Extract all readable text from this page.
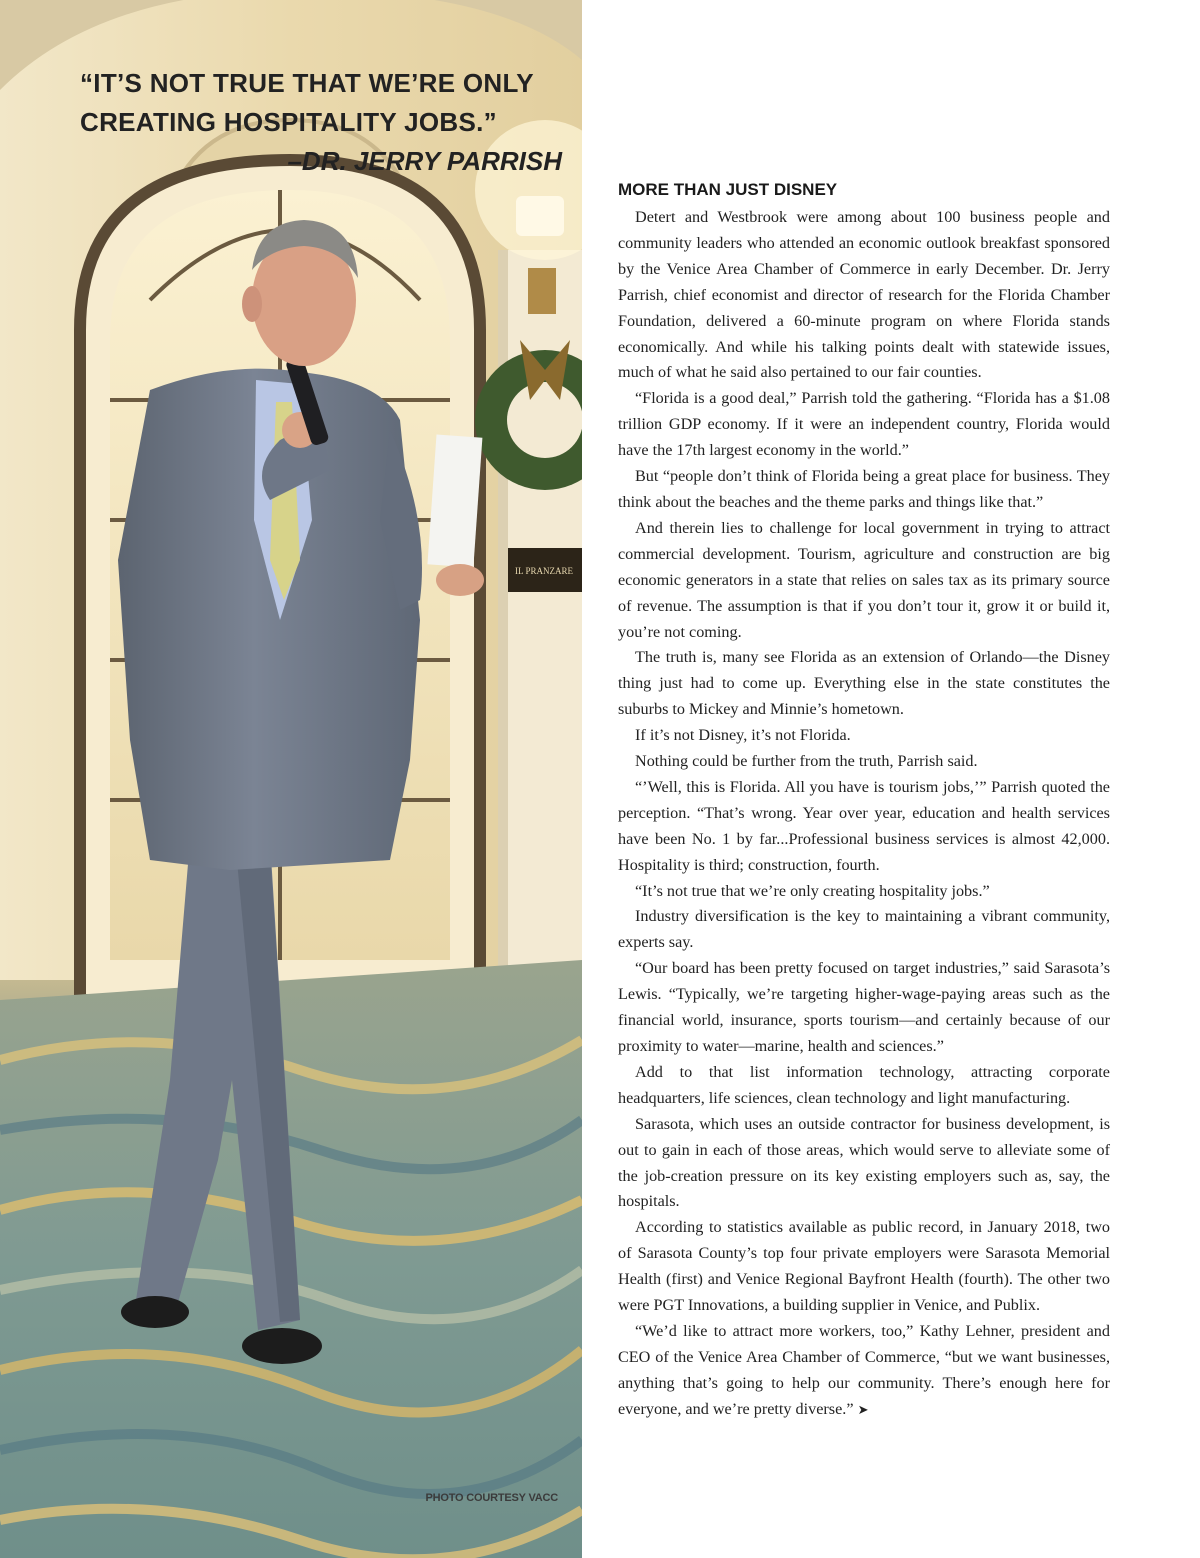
IL PRANZARE

“IT’S NOT TRUE THAT WE’RE ONLY CREATING HOSPITALITY JOBS.”

–DR. JERRY PARRISH
PHOTO COURTESY VACC
MORE THAN JUST DISNEY

Detert and Westbrook were among about 100 business people and community leaders who attended an economic outlook breakfast sponsored by the Venice Area Chamber of Commerce in early December. Dr. Jerry Parrish, chief economist and director of research for the Florida Chamber Foundation, delivered a 60-minute program on where Florida stands economically. And while his talking points dealt with statewide issues, much of what he said also pertained to our fair counties.

“Florida is a good deal,” Parrish told the gathering. “Florida has a $1.08 trillion GDP economy. If it were an independent country, Florida would have the 17th largest economy in the world.”

But “people don’t think of Florida being a great place for business. They think about the beaches and the theme parks and things like that.”

And therein lies to challenge for local government in trying to attract commercial development. Tourism, agriculture and construction are big economic generators in a state that relies on sales tax as its primary source of revenue. The assumption is that if you don’t tour it, grow it or build it, you’re not coming.

The truth is, many see Florida as an extension of Orlando—the Disney thing just had to come up. Everything else in the state constitutes the suburbs to Mickey and Minnie’s hometown.

If it’s not Disney, it’s not Florida.

Nothing could be further from the truth, Parrish said.

“’Well, this is Florida. All you have is tourism jobs,’” Parrish quoted the perception. “That’s wrong. Year over year, education and health services have been No. 1 by far...Professional business services is almost 42,000. Hospitality is third; construction, fourth.

“It’s not true that we’re only creating hospitality jobs.”

Industry diversification is the key to maintaining a vibrant community, experts say.

“Our board has been pretty focused on target industries,” said Sarasota’s Lewis. “Typically, we’re targeting higher-wage-paying areas such as the financial world, insurance, sports tourism—and certainly because of our proximity to water—marine, health and sciences.”

Add to that list information technology, attracting corporate headquarters, life sciences, clean technology and light manufacturing.

Sarasota, which uses an outside contractor for business development, is out to gain in each of those areas, which would serve to alleviate some of the job-creation pressure on its key existing employers such as, say, the hospitals.

According to statistics available as public record, in January 2018, two of Sarasota County’s top four private employers were Sarasota Memorial Health (first) and Venice Regional Bayfront Health (fourth). The other two were PGT Innovations, a building supplier in Venice, and Publix.

“We’d like to attract more workers, too,” Kathy Lehner, president and CEO of the Venice Area Chamber of Commerce, “but we want businesses, anything that’s going to help our community. There’s enough here for everyone, and we’re pretty diverse.” ➤
